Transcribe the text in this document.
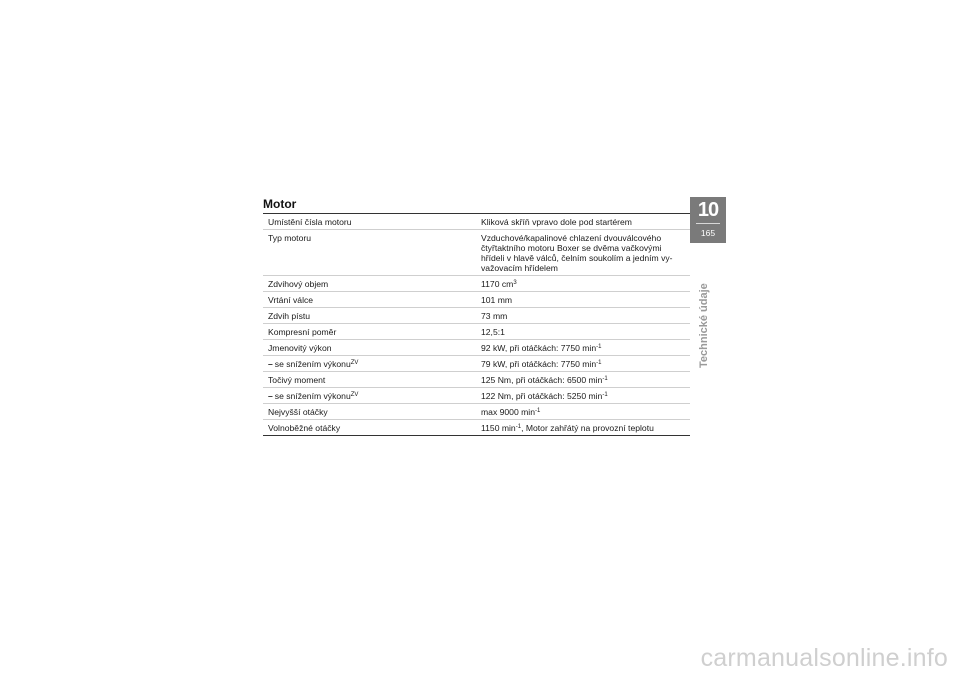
Motor
Umístění čísla motoru	Kliková skříň vpravo dole pod startérem
Typ motoru	Vzduchové/kapalinové chlazení dvouválcového čtyřtaktního motoru Boxer se dvěma vačkovými hřídeli v hlavě válců, čelním soukolím a jedním vy-važovacím hřídelem
Zdvihový objem	1170 $cm^3$
Vrtání válce	101 mm
Zdvih pístu	73 mm
Kompresní poměr	12,5:1
Jmenovitý výkon	92 kW, při otáčkách: 7750 $\min^{-1}$
– se snížením výkonu$^{ZV}$	79 kW, při otáčkách: 7750 $\min^{-1}$
Točivý moment	125 Nm, při otáčkách: 6500 $\min^{-1}$
– se snížením výkonu$^{ZV}$	122 Nm, při otáčkách: 5250 $\min^{-1}$
Nejvyšší otáčky	max 9000 $\min^{-1}$
Volnoběžné otáčky	1150 $\min^{-1}$, Motor zahřátý na provozní teplotu
10
165
Technické údaje
carmanualsonline.info
